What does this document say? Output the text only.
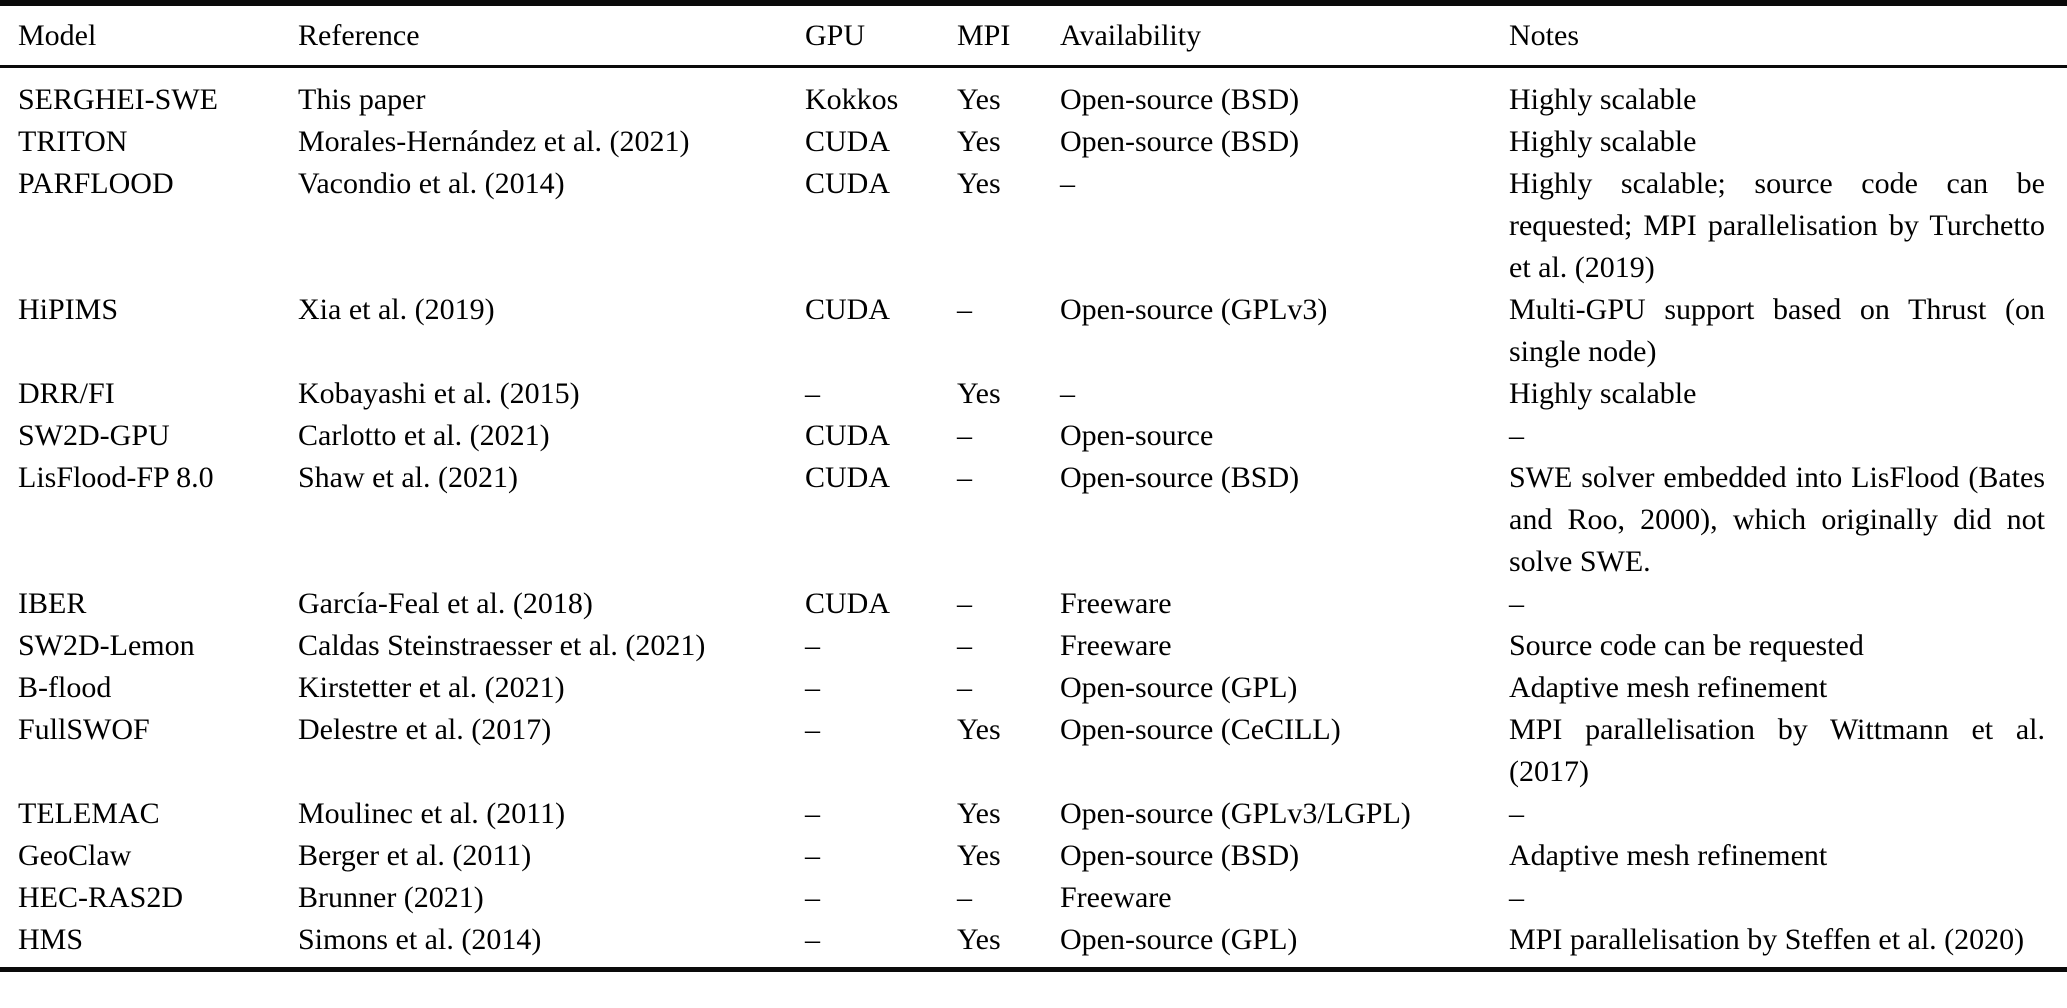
Model	Reference	GPU	MPI	Availability	Notes
SERGHEI-SWE	This paper	Kokkos	Yes	Open-source (BSD)	Highly scalable
TRITON	Morales-Hernández et al. (2021)	CUDA	Yes	Open-source (BSD)	Highly scalable
PARFLOOD	Vacondio et al. (2014)	CUDA	Yes	–	Highly scalable; source code can be requested; MPI parallelisation by Turchetto et al. (2019)
HiPIMS	Xia et al. (2019)	CUDA	–	Open-source (GPLv3)	Multi-GPU support based on Thrust (on single node)
DRR/FI	Kobayashi et al. (2015)	–	Yes	–	Highly scalable
SW2D-GPU	Carlotto et al. (2021)	CUDA	–	Open-source	–
LisFlood-FP 8.0	Shaw et al. (2021)	CUDA	–	Open-source (BSD)	SWE solver embedded into LisFlood (Bates and Roo, 2000), which originally did not solve SWE.
IBER	García-Feal et al. (2018)	CUDA	–	Freeware	–
SW2D-Lemon	Caldas Steinstraesser et al. (2021)	–	–	Freeware	Source code can be requested
B-flood	Kirstetter et al. (2021)	–	–	Open-source (GPL)	Adaptive mesh refinement
FullSWOF	Delestre et al. (2017)	–	Yes	Open-source (CeCILL)	MPI parallelisation by Wittmann et al. (2017)
TELEMAC	Moulinec et al. (2011)	–	Yes	Open-source (GPLv3/LGPL)	–
GeoClaw	Berger et al. (2011)	–	Yes	Open-source (BSD)	Adaptive mesh refinement
HEC-RAS2D	Brunner (2021)	–	–	Freeware	–
HMS	Simons et al. (2014)	–	Yes	Open-source (GPL)	MPI parallelisation by Steffen et al. (2020)
